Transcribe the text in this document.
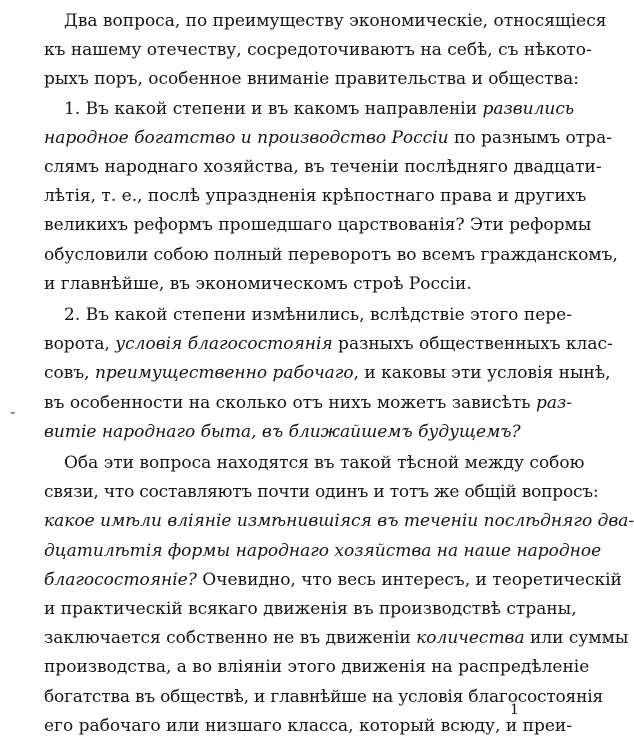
Два вопроса, по преимуществу экономическіе, относящіеся
къ нашему отечеству, сосредоточиваютъ на себѣ, съ нѣкото-
рыхъ поръ, особенное вниманіе правительства и общества:
1. Въ какой степени и въ какомъ направленіи развились
народное богатство и производство Россіи по разнымъ отра-
слямъ народнаго хозяйства, въ теченіи послѣдняго двадцати-
лѣтія, т. е., послѣ упраздненія крѣпостнаго права и другихъ
великихъ реформъ прошедшаго царствованія? Эти реформы
обусловили собою полный переворотъ во всемъ гражданскомъ,
и главнѣйше, въ экономическомъ строѣ Россіи.
2. Въ какой степени измѣнились, вслѣдствіе этого пере-
ворота, условія благосостоянія разныхъ общественныхъ клас-
совъ, преимущественно рабочаго, и каковы эти условія нынѣ,
въ особенности на сколько отъ нихъ можетъ зависѣть раз-
витіе народнаго быта, въ ближайшемъ будущемъ?
Оба эти вопроса находятся въ такой тѣсной между собою
связи, что составляютъ почти одинъ и тотъ же общій вопросъ:
какое имѣли вліяніе измѣнившіяся въ теченіи послѣдняго два-
дцатилѣтія формы народнаго хозяйства на наше народное
благосостояніе? Очевидно, что весь интересъ, и теоретическій
и практическій всякаго движенія въ производствѣ страны,
заключается собственно не въ движеніи количества или суммы
производства, а во вліяніи этого движенія на распредѣленіе
богатства въ обществѣ, и главнѣйше на условія благосостоянія
его рабочаго или низшаго класса, который всюду, и преи-
-
1
